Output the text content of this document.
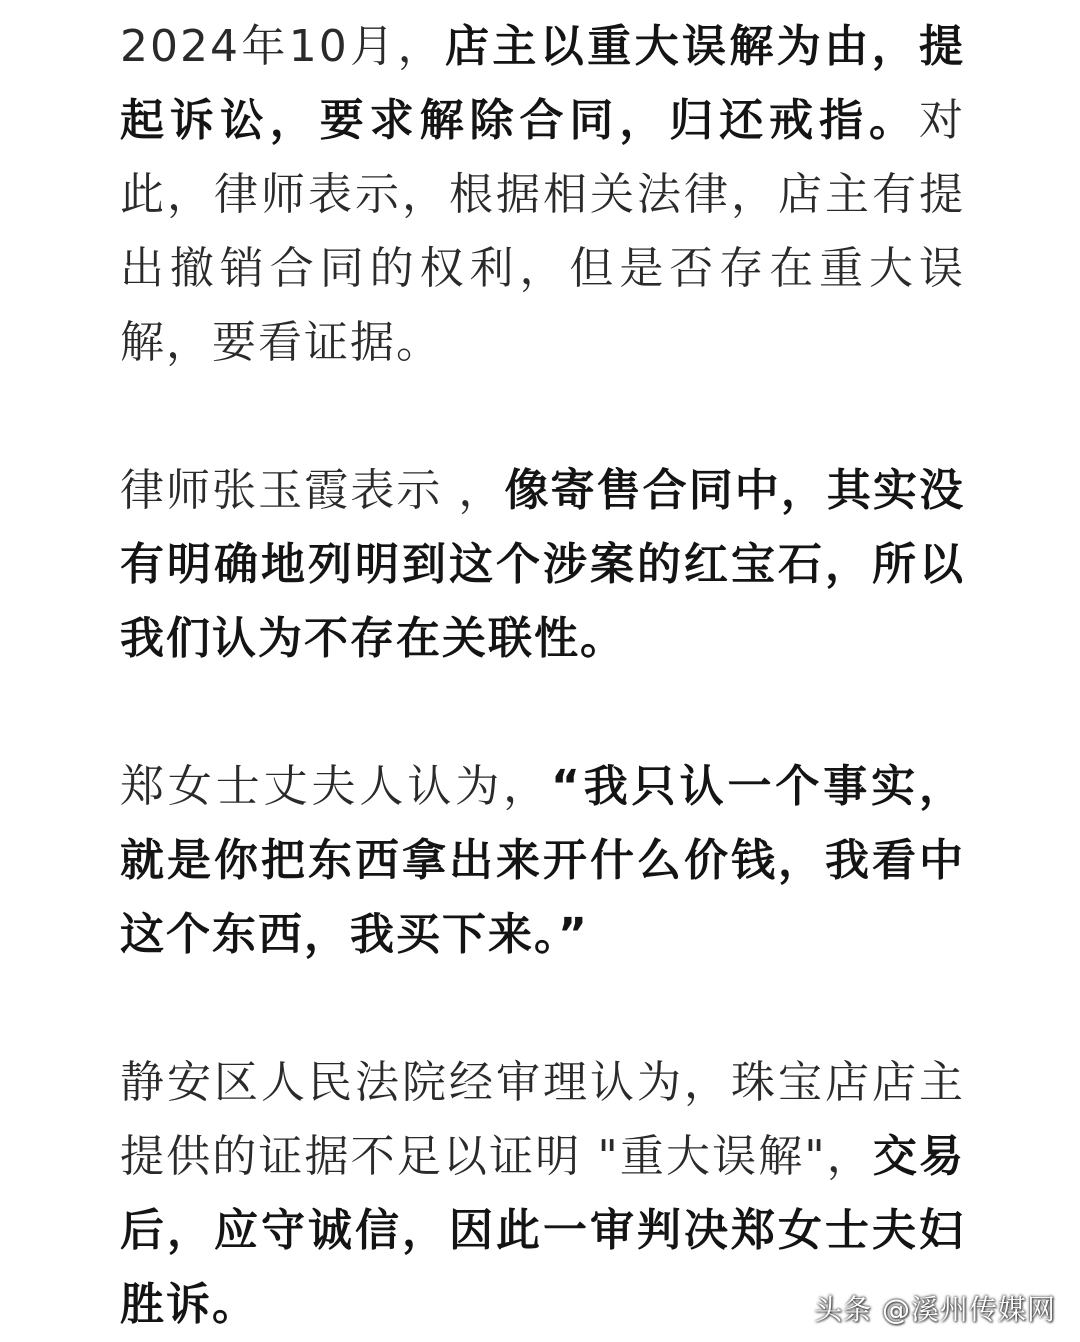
2024年10月，店主以重大误解为由，提起诉讼，要求解除合同，归还戒指。对此，律师表示，根据相关法律，店主有提出撤销合同的权利，但是否存在重大误解，要看证据。

律师张玉霞表示 ，像寄售合同中，其实没有明确地列明到这个涉案的红宝石，所以我们认为不存在关联性。

郑女士丈夫人认为，“我只认一个事实，就是你把东西拿出来开什么价钱，我看中这个东西，我买下来。”

静安区人民法院经审理认为，珠宝店店主提供的证据不足以证明 "重大误解"，交易后，应守诚信，因此一审判决郑女士夫妇胜诉。	头条 @溪州传媒网
